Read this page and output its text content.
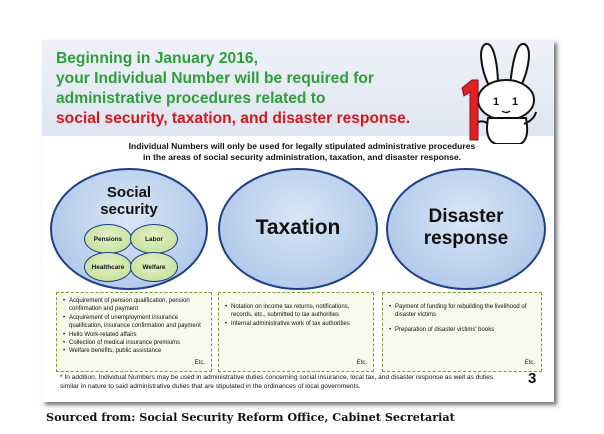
Beginning in January 2016,
your Individual Number will be required for
administrative procedures related to
social security, taxation, and disaster response.
1 1
Individual Numbers will only be used for legally stipulated administrative procedures
in the areas of social security administration, taxation, and disaster response.
Social
security
Pensions	Labor
Healthcare	Welfare
Taxation	Disaster
response
• Acquirement of pension qualification, pension confirmation and payment
• Acquirement of unemployment insurance qualification, insurance confirmation and payment
• Hello Work-related affairs
• Collection of medical insurance premiums
• Welfare benefits, public assistance
Etc.
• Notation on income tax returns, notifications, records, etc., submitted to tax authorities
• Internal administrative work of tax authorities
Etc.
• Payment of funding for rebuilding the livelihood of disaster victims
• Preparation of disaster victims' books
Etc.
* In addition, Individual Numbers may be used in administrative duties concerning social insurance, local tax, and disaster response as well as duties similar in nature to said administrative duties that are stipulated in the ordinances of local governments.	3
Sourced from: Social Security Reform Office, Cabinet Secretariat
